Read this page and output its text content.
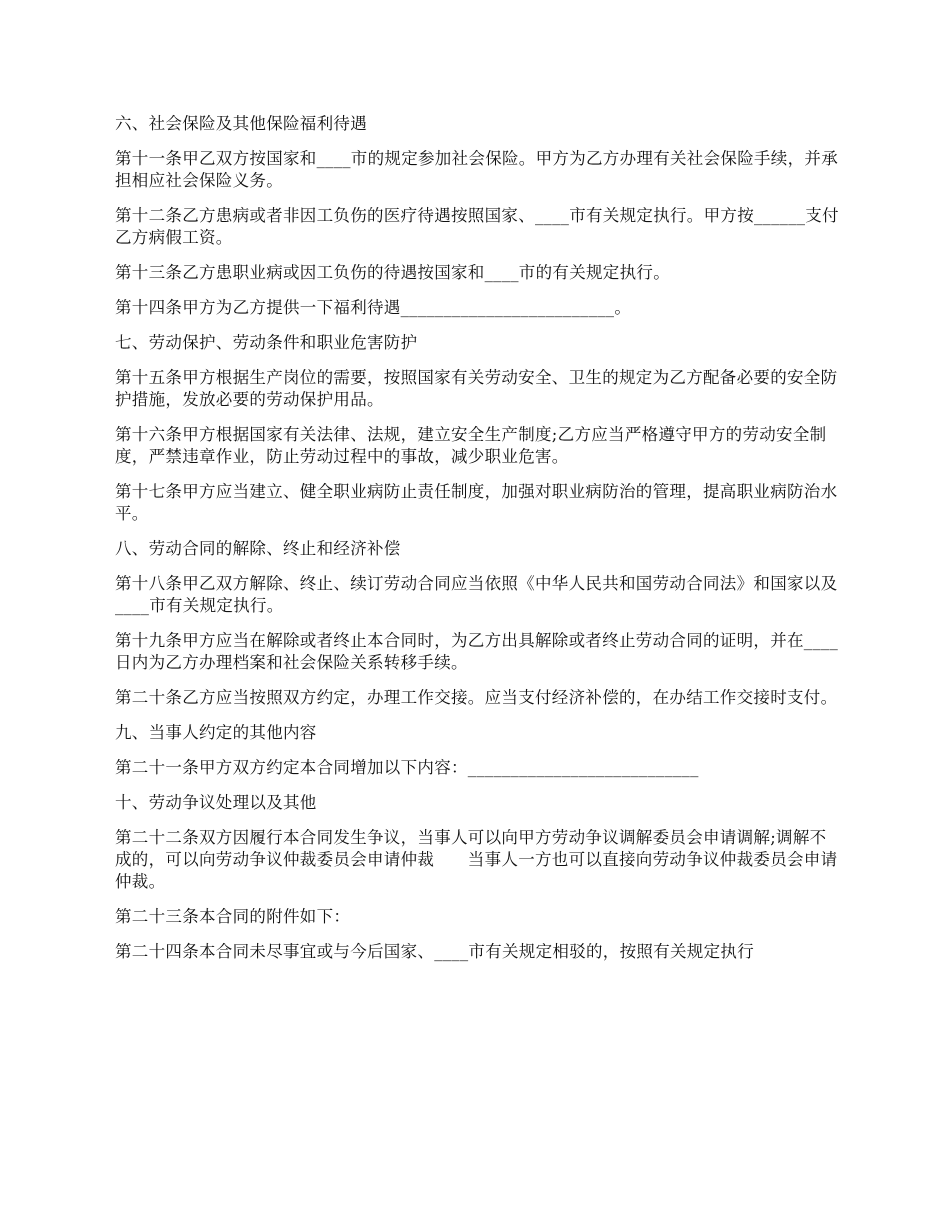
六、社会保险及其他保险福利待遇

第十一条甲乙双方按国家和____市的规定参加社会保险。甲方为乙方办理有关社会保险手续，并承担相应社会保险义务。

第十二条乙方患病或者非因工负伤的医疗待遇按照国家、____市有关规定执行。甲方按______支付乙方病假工资。

第十三条乙方患职业病或因工负伤的待遇按国家和____市的有关规定执行。

第十四条甲方为乙方提供一下福利待遇_________________________。

七、劳动保护、劳动条件和职业危害防护

第十五条甲方根据生产岗位的需要，按照国家有关劳动安全、卫生的规定为乙方配备必要的安全防护措施，发放必要的劳动保护用品。

第十六条甲方根据国家有关法律、法规，建立安全生产制度;乙方应当严格遵守甲方的劳动安全制度，严禁违章作业，防止劳动过程中的事故，减少职业危害。

第十七条甲方应当建立、健全职业病防止责任制度，加强对职业病防治的管理，提高职业病防治水平。

八、劳动合同的解除、终止和经济补偿

第十八条甲乙双方解除、终止、续订劳动合同应当依照《中华人民共和国劳动合同法》和国家以及____市有关规定执行。

第十九条甲方应当在解除或者终止本合同时，为乙方出具解除或者终止劳动合同的证明，并在____日内为乙方办理档案和社会保险关系转移手续。

第二十条乙方应当按照双方约定，办理工作交接。应当支付经济补偿的，在办结工作交接时支付。

九、当事人约定的其他内容

第二十一条甲方双方约定本合同增加以下内容：___________________________

十、劳动争议处理以及其他

第二十二条双方因履行本合同发生争议，当事人可以向甲方劳动争议调解委员会申请调解;调解不成的，可以向劳动争议仲裁委员会申请仲裁　　当事人一方也可以直接向劳动争议仲裁委员会申请仲裁。

第二十三条本合同的附件如下：

第二十四条本合同未尽事宜或与今后国家、____市有关规定相驳的，按照有关规定执行
